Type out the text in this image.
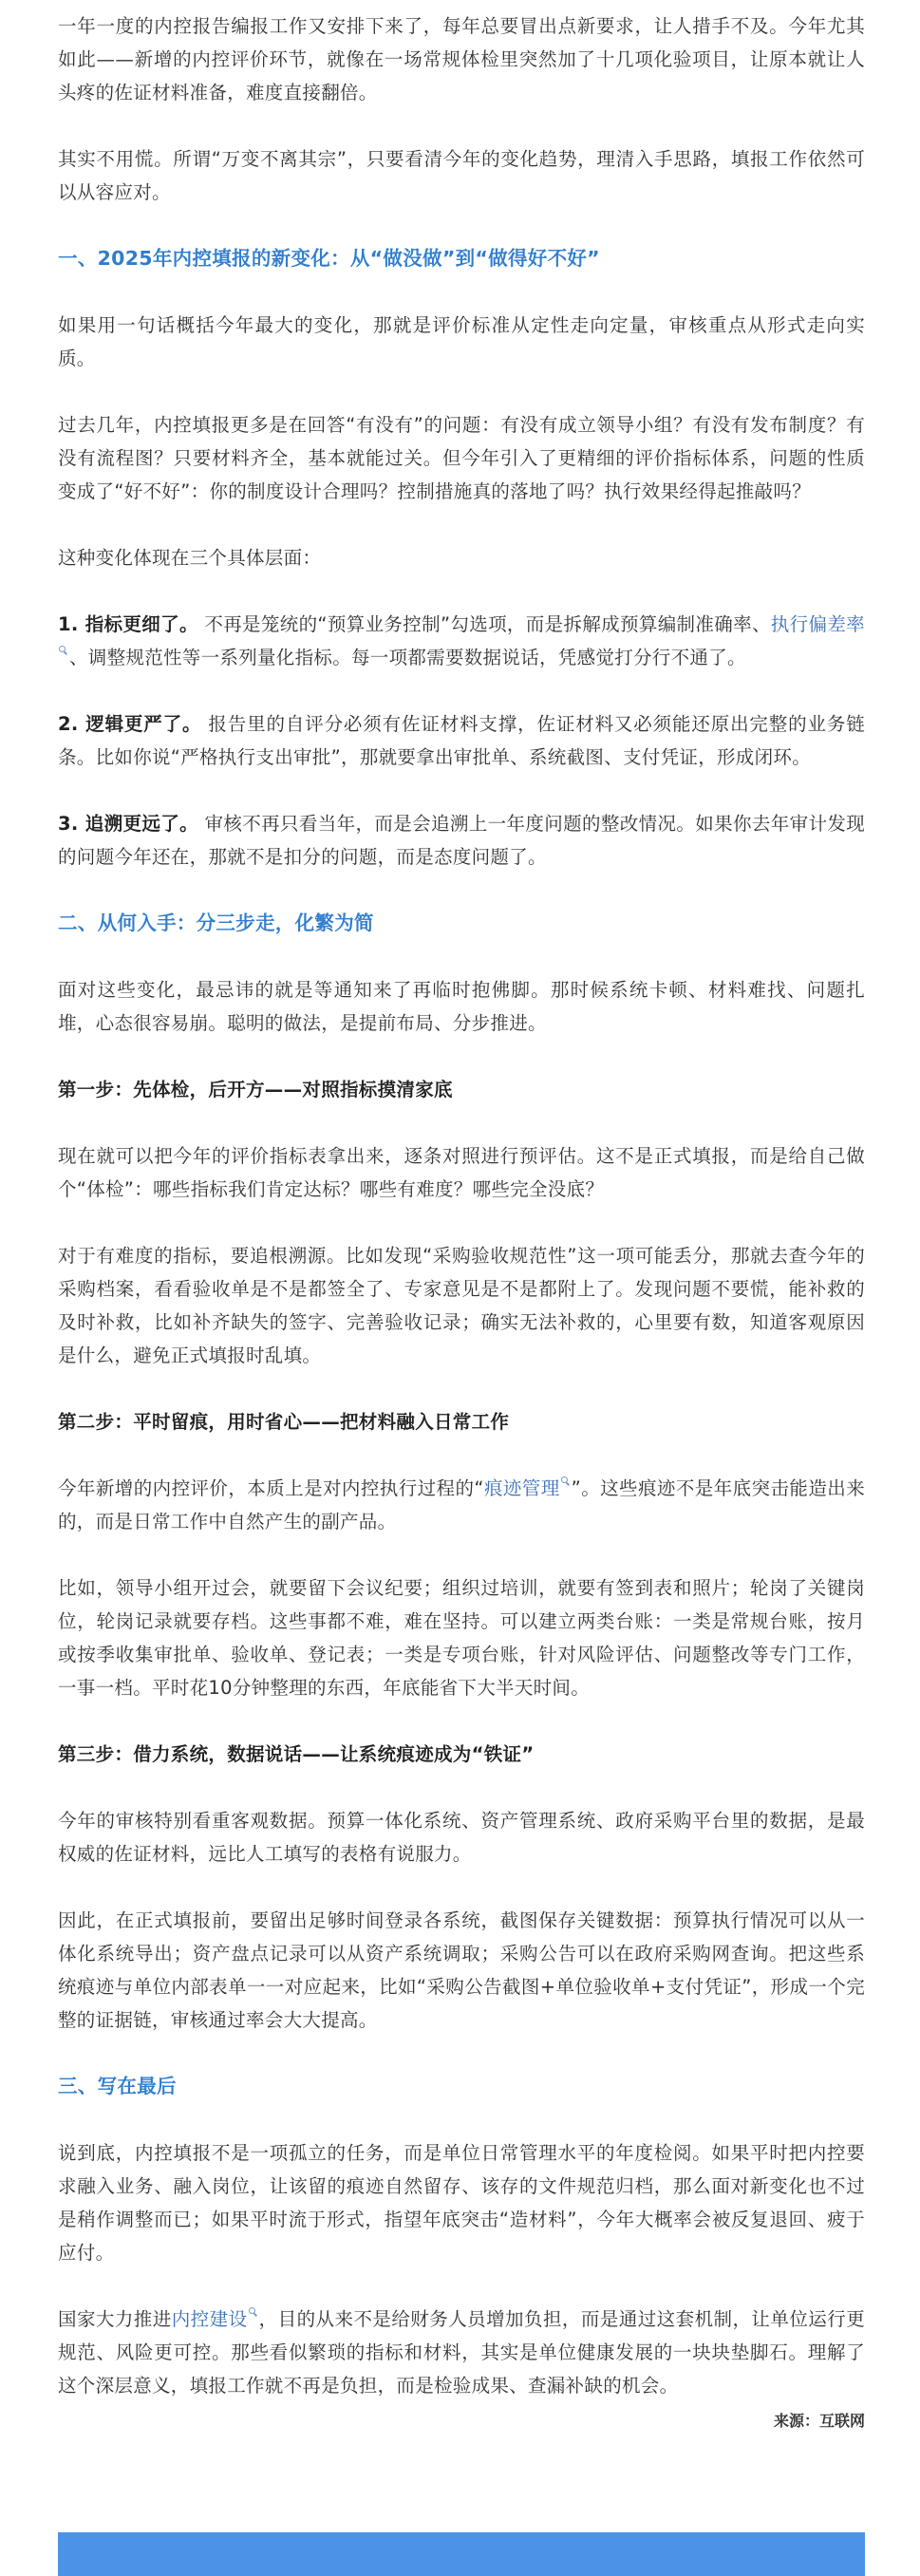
一年一度的内控报告编报工作又安排下来了，每年总要冒出点新要求，让人措手不及。今年尤其如此——新增的内控评价环节，就像在一场常规体检里突然加了十几项化验项目，让原本就让人头疼的佐证材料准备，难度直接翻倍。

其实不用慌。所谓“万变不离其宗”，只要看清今年的变化趋势，理清入手思路，填报工作依然可以从容应对。

一、2025年内控填报的新变化：从“做没做”到“做得好不好”

如果用一句话概括今年最大的变化，那就是评价标准从定性走向定量，审核重点从形式走向实质。

过去几年，内控填报更多是在回答“有没有”的问题：有没有成立领导小组？有没有发布制度？有没有流程图？只要材料齐全，基本就能过关。但今年引入了更精细的评价指标体系，问题的性质变成了“好不好”：你的制度设计合理吗？控制措施真的落地了吗？执行效果经得起推敲吗？

这种变化体现在三个具体层面：

1. 指标更细了。 不再是笼统的“预算业务控制”勾选项，而是拆解成预算编制准确率、执行偏差率、调整规范性等一系列量化指标。每一项都需要数据说话，凭感觉打分行不通了。

2. 逻辑更严了。 报告里的自评分必须有佐证材料支撑，佐证材料又必须能还原出完整的业务链条。比如你说“严格执行支出审批”，那就要拿出审批单、系统截图、支付凭证，形成闭环。

3. 追溯更远了。 审核不再只看当年，而是会追溯上一年度问题的整改情况。如果你去年审计发现的问题今年还在，那就不是扣分的问题，而是态度问题了。

二、从何入手：分三步走，化繁为简

面对这些变化，最忌讳的就是等通知来了再临时抱佛脚。那时候系统卡顿、材料难找、问题扎堆，心态很容易崩。聪明的做法，是提前布局、分步推进。

第一步：先体检，后开方——对照指标摸清家底

现在就可以把今年的评价指标表拿出来，逐条对照进行预评估。这不是正式填报，而是给自己做个“体检”：哪些指标我们肯定达标？哪些有难度？哪些完全没底？

对于有难度的指标，要追根溯源。比如发现“采购验收规范性”这一项可能丢分，那就去查今年的采购档案，看看验收单是不是都签全了、专家意见是不是都附上了。发现问题不要慌，能补救的及时补救，比如补齐缺失的签字、完善验收记录；确实无法补救的，心里要有数，知道客观原因是什么，避免正式填报时乱填。

第二步：平时留痕，用时省心——把材料融入日常工作

今年新增的内控评价，本质上是对内控执行过程的“痕迹管理 ”。这些痕迹不是年底突击能造出来的，而是日常工作中自然产生的副产品。

比如，领导小组开过会，就要留下会议纪要；组织过培训，就要有签到表和照片；轮岗了关键岗位，轮岗记录就要存档。这些事都不难，难在坚持。可以建立两类台账：一类是常规台账，按月或按季收集审批单、验收单、登记表；一类是专项台账，针对风险评估、问题整改等专门工作，一事一档。平时花10分钟整理的东西，年底能省下大半天时间。

第三步：借力系统，数据说话——让系统痕迹成为“铁证”

今年的审核特别看重客观数据。预算一体化系统、资产管理系统、政府采购平台里的数据，是最权威的佐证材料，远比人工填写的表格有说服力。

因此，在正式填报前，要留出足够时间登录各系统，截图保存关键数据：预算执行情况可以从一体化系统导出；资产盘点记录可以从资产系统调取；采购公告可以在政府采购网查询。把这些系统痕迹与单位内部表单一一对应起来，比如“采购公告截图+单位验收单+支付凭证”，形成一个完整的证据链，审核通过率会大大提高。

三、写在最后

说到底，内控填报不是一项孤立的任务，而是单位日常管理水平的年度检阅。如果平时把内控要求融入业务、融入岗位，让该留的痕迹自然留存、该存的文件规范归档，那么面对新变化也不过是稍作调整而已；如果平时流于形式，指望年底突击“造材料”，今年大概率会被反复退回、疲于应付。

国家大力推进内控建设 ，目的从来不是给财务人员增加负担，而是通过这套机制，让单位运行更规范、风险更可控。那些看似繁琐的指标和材料，其实是单位健康发展的一块块垫脚石。理解了这个深层意义，填报工作就不再是负担，而是检验成果、查漏补缺的机会。

来源：互联网
